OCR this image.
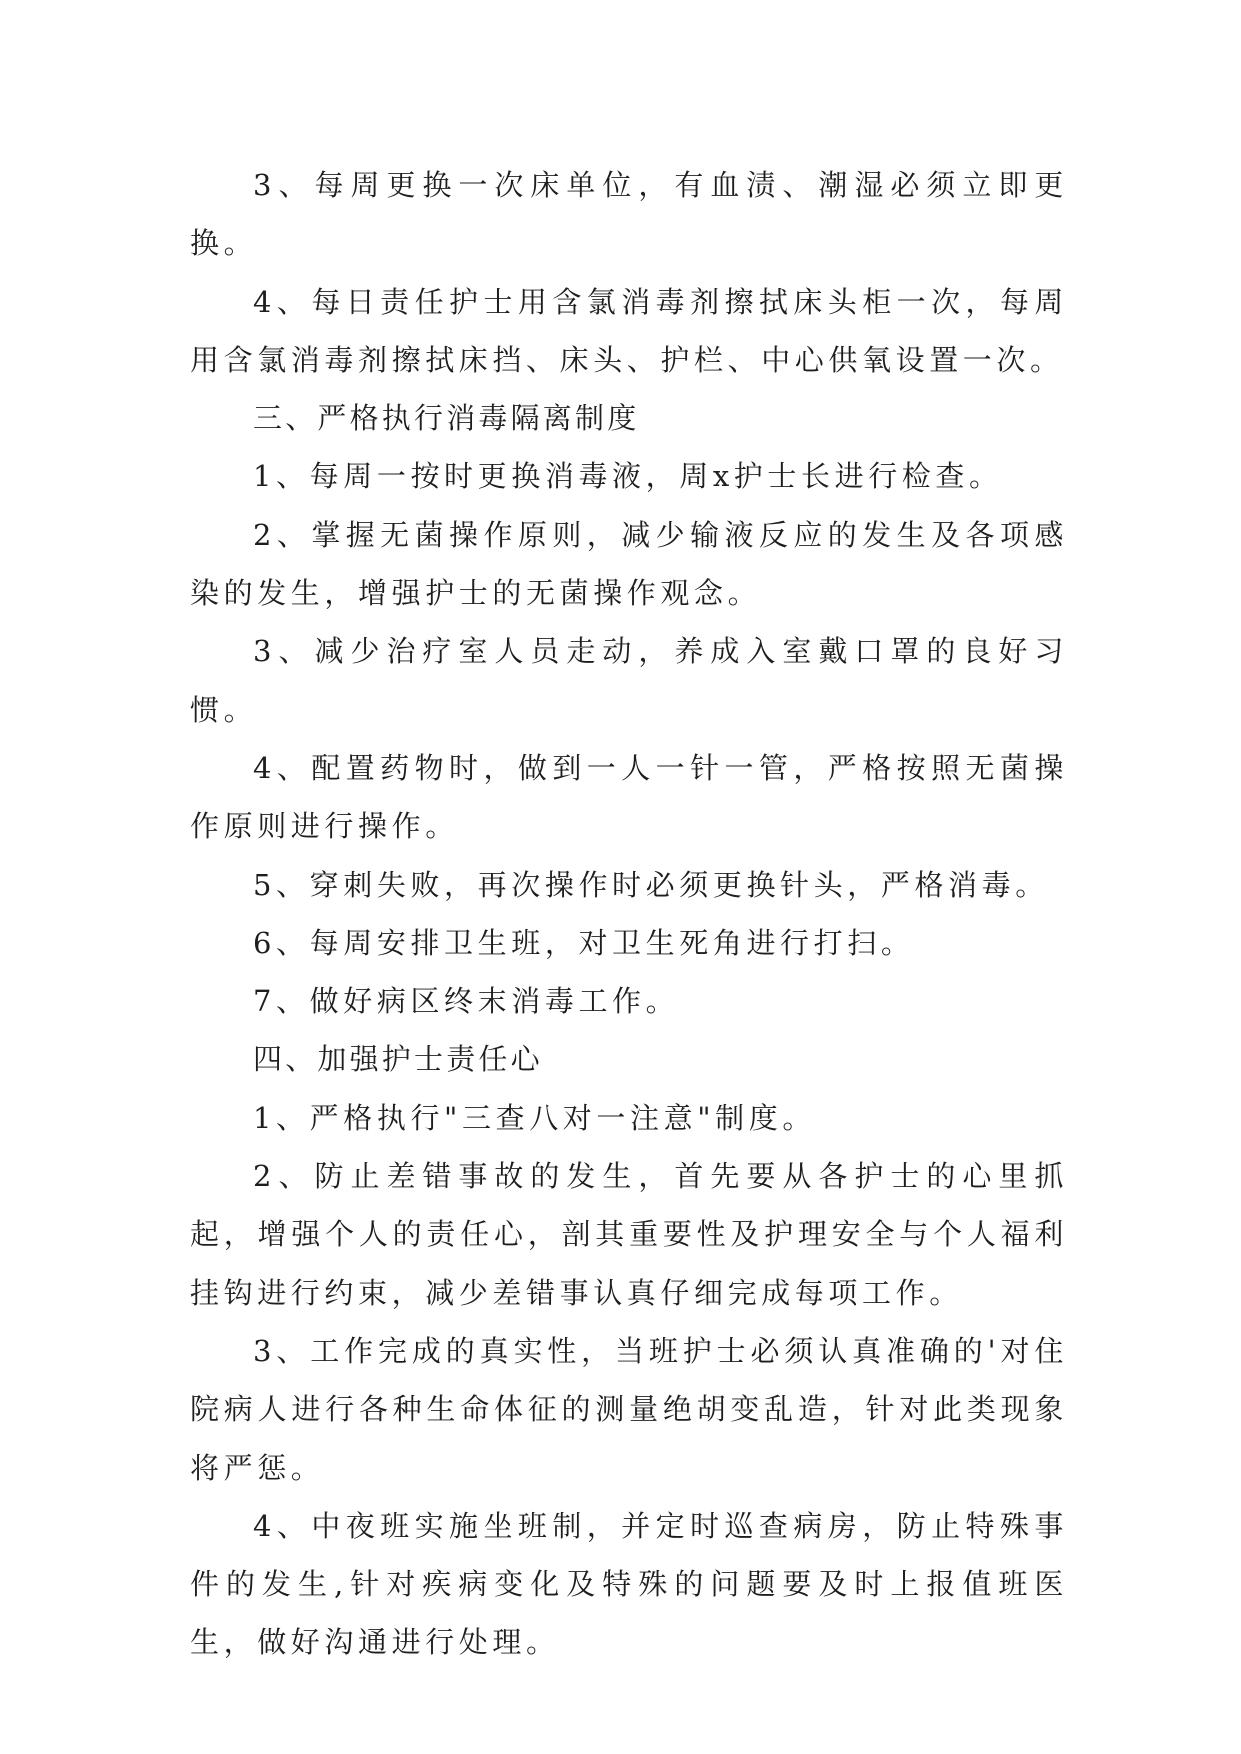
3、每周更换一次床单位，有血渍、潮湿必须立即更换。

4、每日责任护士用含氯消毒剂擦拭床头柜一次，每周用含氯消毒剂擦拭床挡、床头、护栏、中心供氧设置一次。

三、严格执行消毒隔离制度

1、每周一按时更换消毒液，周x护士长进行检查。

2、掌握无菌操作原则，减少输液反应的发生及各项感染的发生，增强护士的无菌操作观念。

3、减少治疗室人员走动，养成入室戴口罩的良好习惯。

4、配置药物时，做到一人一针一管，严格按照无菌操作原则进行操作。

5、穿刺失败，再次操作时必须更换针头，严格消毒。

6、每周安排卫生班，对卫生死角进行打扫。

7、做好病区终末消毒工作。

四、加强护士责任心

1、严格执行"三查八对一注意"制度。

2、防止差错事故的发生，首先要从各护士的心里抓起，增强个人的责任心，剖其重要性及护理安全与个人福利挂钩进行约束，减少差错事认真仔细完成每项工作。

3、工作完成的真实性，当班护士必须认真准确的'对住院病人进行各种生命体征的测量绝胡变乱造，针对此类现象将严惩。

4、中夜班实施坐班制，并定时巡查病房，防止特殊事件的发生,针对疾病变化及特殊的问题要及时上报值班医生，做好沟通进行处理。
